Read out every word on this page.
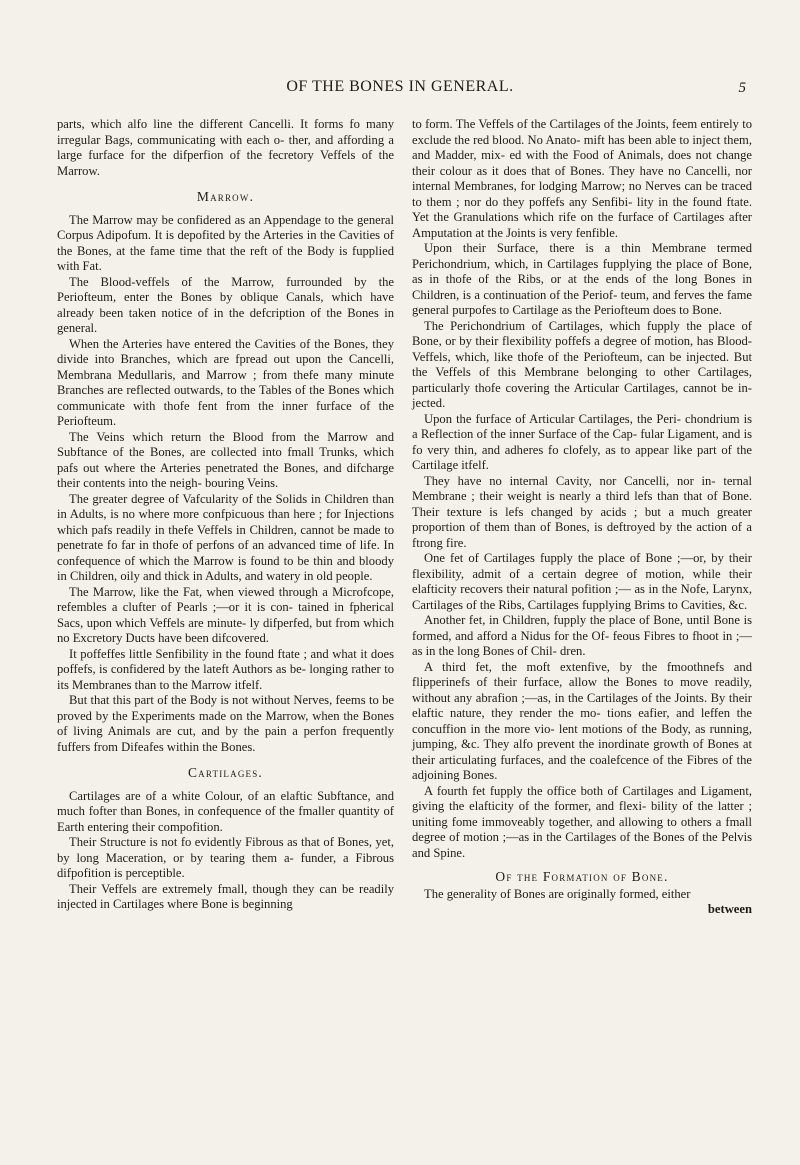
OF THE BONES IN GENERAL.	5

parts, which alfo line the different Cancelli. It forms fo many irregular Bags, communicating with each o- ther, and affording a large furface for the difperfion of the fecretory Veffels of the Marrow.

Marrow.

The Marrow may be confidered as an Appendage to the general Corpus Adipofum. It is depofited by the Arteries in the Cavities of the Bones, at the fame time that the reft of the Body is fupplied with Fat.

The Blood-veffels of the Marrow, furrounded by the Periofteum, enter the Bones by oblique Canals, which have already been taken notice of in the defcription of the Bones in general.

When the Arteries have entered the Cavities of the Bones, they divide into Branches, which are fpread out upon the Cancelli, Membrana Medullaris, and Marrow ; from thefe many minute Branches are reflected outwards, to the Tables of the Bones which communicate with thofe fent from the inner furface of the Periofteum.

The Veins which return the Blood from the Marrow and Subftance of the Bones, are collected into fmall Trunks, which pafs out where the Arteries penetrated the Bones, and difcharge their contents into the neigh- bouring Veins.

The greater degree of Vafcularity of the Solids in Children than in Adults, is no where more confpicuous than here ; for Injections which pafs readily in thefe Veffels in Children, cannot be made to penetrate fo far in thofe of perfons of an advanced time of life. In confequence of which the Marrow is found to be thin and bloody in Children, oily and thick in Adults, and watery in old people.

The Marrow, like the Fat, when viewed through a Microfcope, refembles a clufter of Pearls ;—or it is con- tained in fpherical Sacs, upon which Veffels are minute- ly difperfed, but from which no Excretory Ducts have been difcovered.

It poffeffes little Senfibility in the found ftate ; and what it does poffefs, is confidered by the lateft Authors as be- longing rather to its Membranes than to the Marrow itfelf.

But that this part of the Body is not without Nerves, feems to be proved by the Experiments made on the Marrow, when the Bones of living Animals are cut, and by the pain a perfon frequently fuffers from Difeafes within the Bones.

Cartilages.

Cartilages are of a white Colour, of an elaftic Subftance, and much fofter than Bones, in confequence of the fmaller quantity of Earth entering their compofition.

Their Structure is not fo evidently Fibrous as that of Bones, yet, by long Maceration, or by tearing them a- funder, a Fibrous difpofition is perceptible.

Their Veffels are extremely fmall, though they can be readily injected in Cartilages where Bone is beginning

to form. The Veffels of the Cartilages of the Joints, feem entirely to exclude the red blood. No Anato- mift has been able to inject them, and Madder, mix- ed with the Food of Animals, does not change their colour as it does that of Bones. They have no Cancelli, nor internal Membranes, for lodging Marrow; no Nerves can be traced to them ; nor do they poffefs any Senfibi- lity in the found ftate. Yet the Granulations which rife on the furface of Cartilages after Amputation at the Joints is very fenfible.

Upon their Surface, there is a thin Membrane termed Perichondrium, which, in Cartilages fupplying the place of Bone, as in thofe of the Ribs, or at the ends of the long Bones in Children, is a continuation of the Periof- teum, and ferves the fame general purpofes to Cartilage as the Periofteum does to Bone.

The Perichondrium of Cartilages, which fupply the place of Bone, or by their flexibility poffefs a degree of motion, has Blood-Veffels, which, like thofe of the Periofteum, can be injected. But the Veffels of this Membrane belonging to other Cartilages, particularly thofe covering the Articular Cartilages, cannot be in- jected.

Upon the furface of Articular Cartilages, the Peri- chondrium is a Reflection of the inner Surface of the Cap- fular Ligament, and is fo very thin, and adheres fo clofely, as to appear like part of the Cartilage itfelf.

They have no internal Cavity, nor Cancelli, nor in- ternal Membrane ; their weight is nearly a third lefs than that of Bone. Their texture is lefs changed by acids ; but a much greater proportion of them than of Bones, is deftroyed by the action of a ftrong fire.

One fet of Cartilages fupply the place of Bone ;—or, by their flexibility, admit of a certain degree of motion, while their elafticity recovers their natural pofition ;— as in the Nofe, Larynx, Cartilages of the Ribs, Cartilages fupplying Brims to Cavities, &c.

Another fet, in Children, fupply the place of Bone, until Bone is formed, and afford a Nidus for the Of- feous Fibres to fhoot in ;—as in the long Bones of Chil- dren.

A third fet, the moft extenfive, by the fmoothnefs and flipperinefs of their furface, allow the Bones to move readily, without any abrafion ;—as, in the Cartilages of the Joints. By their elaftic nature, they render the mo- tions eafier, and leffen the concuffion in the more vio- lent motions of the Body, as running, jumping, &c. They alfo prevent the inordinate growth of Bones at their articulating furfaces, and the coalefcence of the Fibres of the adjoining Bones.

A fourth fet fupply the office both of Cartilages and Ligament, giving the elafticity of the former, and flexi- bility of the latter ; uniting fome immoveably together, and allowing to others a fmall degree of motion ;—as in the Cartilages of the Bones of the Pelvis and Spine.

Of the Formation of Bone.

The generality of Bones are originally formed, either

between
